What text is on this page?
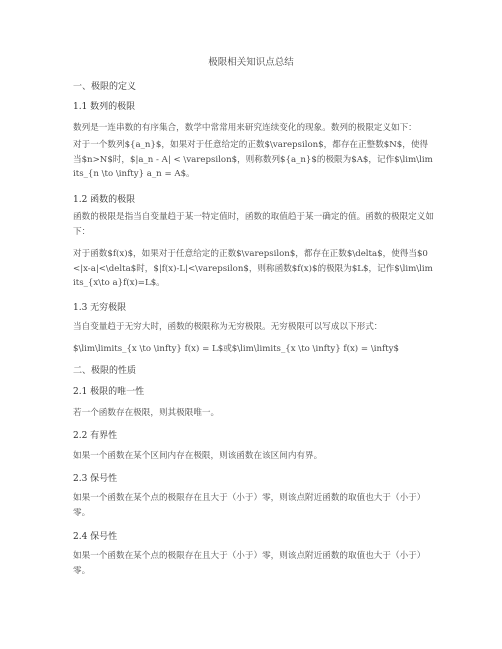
极限相关知识点总结
一、极限的定义
1.1 数列的极限
数列是一连串数的有序集合，数学中常常用来研究连续变化的现象。数列的极限定义如下：
对于一个数列${a_n}$，如果对于任意给定的正数$\varepsilon$，都存在正整数$N$，使得当$n>N$时，$|a_n - A| < \varepsilon$，则称数列${a_n}$的极限为$A$，记作$\lim\limits_{n \to \infty} a_n = A$。
1.2 函数的极限
函数的极限是指当自变量趋于某一特定值时，函数的取值趋于某一确定的值。函数的极限定义如下：
对于函数$f(x)$，如果对于任意给定的正数$\varepsilon$，都存在正数$\delta$，使得当$0<|x-a|<\delta$时，$|f(x)-L|<\varepsilon$，则称函数$f(x)$的极限为$L$，记作$\lim\limits_{x\to a}f(x)=L$。
1.3 无穷极限
当自变量趋于无穷大时，函数的极限称为无穷极限。无穷极限可以写成以下形式：
$\lim\limits_{x \to \infty} f(x) = L$或$\lim\limits_{x \to \infty} f(x) = \infty$
二、极限的性质
2.1 极限的唯一性
若一个函数存在极限，则其极限唯一。
2.2 有界性
如果一个函数在某个区间内存在极限，则该函数在该区间内有界。
2.3 保号性
如果一个函数在某个点的极限存在且大于（小于）零，则该点附近函数的取值也大于（小于）零。
2.4 保号性
如果一个函数在某个点的极限存在且大于（小于）零，则该点附近函数的取值也大于（小于）零。
